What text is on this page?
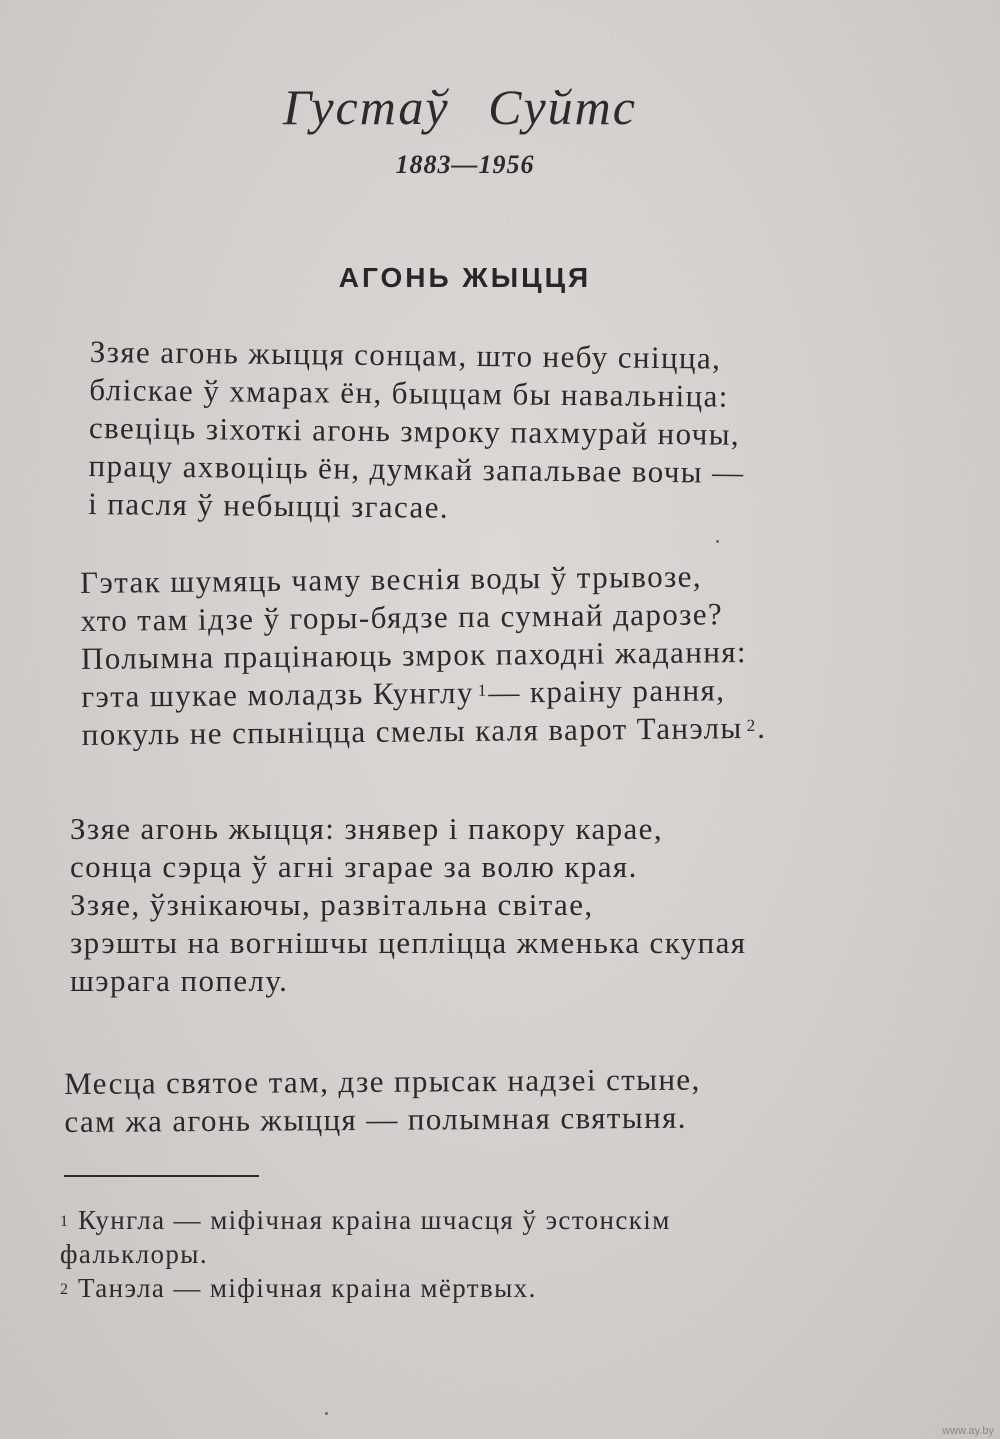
Густаў Суйтс
1883—1956
АГОНЬ ЖЫЦЦЯ
Ззяе агонь жыцця сонцам, што небу сніцца,
бліскае ў хмарах ён, быццам бы навальніца:
свеціць зіхоткі агонь змроку пахмурай ночы,
працу ахвоціць ён, думкай запальвае вочы —
і пасля ў небыцці згасае.
Гэтак шумяць чаму веснія воды ў трывозе,
хто там ідзе ў горы-бядзе па сумнай дарозе?
Полымна працінаюць змрок паходні жадання:
гэта шукае моладзь Кунглу $^1$— краіну рання,
покуль не спыніцца смелы каля варот Танэлы $^2$.
Ззяе агонь жыцця: знявер і пакору карае,
сонца сэрца ў агні згарае за волю края.
Ззяе, ўзнікаючы, развітальна світае,
зрэшты на вогнішчы цепліцца жменька скупая
шэрага попелу.
Месца святое там, дзе прысак надзеі стыне,
сам жа агонь жыцця — полымная святыня.
$^1$ Кунгла — міфічная краіна шчасця ў эстонскім
фальклоры.
$^2$ Танэла — міфічная краіна мёртвых.
www.ay.by
